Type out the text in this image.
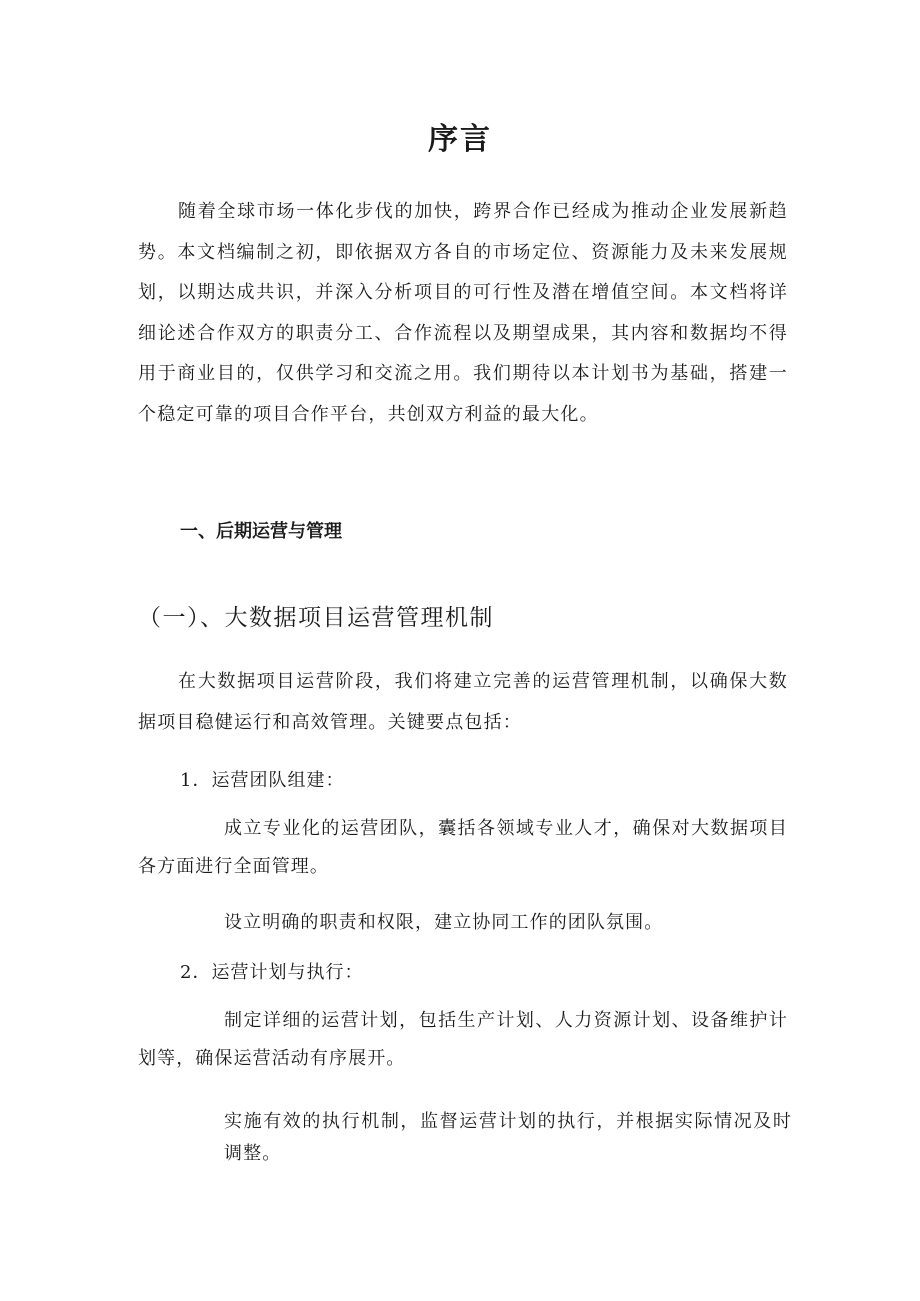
序言

随着全球市场一体化步伐的加快，跨界合作已经成为推动企业发展新趋势。本文档编制之初，即依据双方各自的市场定位、资源能力及未来发展规划，以期达成共识，并深入分析项目的可行性及潜在增值空间。本文档将详细论述合作双方的职责分工、合作流程以及期望成果，其内容和数据均不得用于商业目的，仅供学习和交流之用。我们期待以本计划书为基础，搭建一个稳定可靠的项目合作平台，共创双方利益的最大化。

一、后期运营与管理
（一）、大数据项目运营管理机制

在大数据项目运营阶段，我们将建立完善的运营管理机制，以确保大数据项目稳健运行和高效管理。关键要点包括：

1．运营团队组建：

成立专业化的运营团队，囊括各领域专业人才，确保对大数据项目各方面进行全面管理。

设立明确的职责和权限，建立协同工作的团队氛围。

2．运营计划与执行：

制定详细的运营计划，包括生产计划、人力资源计划、设备维护计划等，确保运营活动有序展开。

实施有效的执行机制，监督运营计划的执行，并根据实际情况及时调整。
